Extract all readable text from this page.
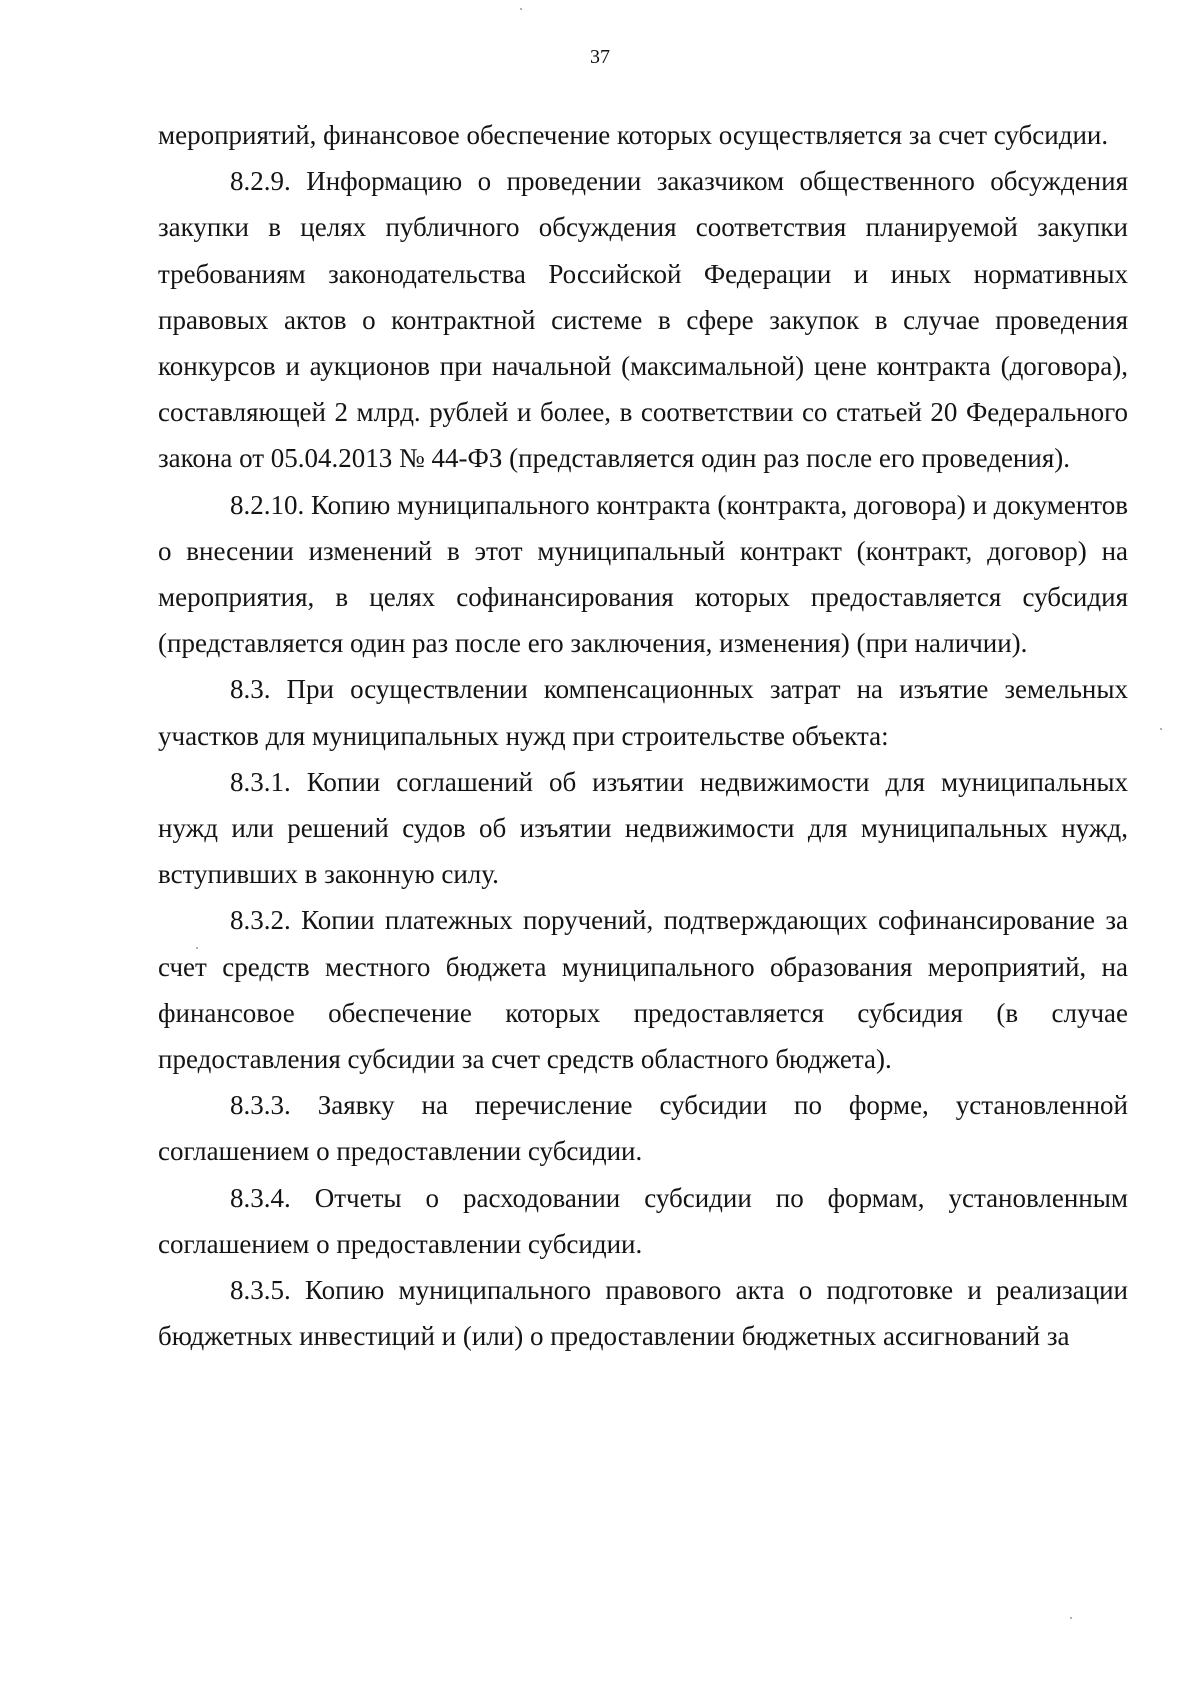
37

мероприятий, финансовое обеспечение которых осуществляется за счет субсидии.

8.2.9. Информацию о проведении заказчиком общественного обсуждения закупки в целях публичного обсуждения соответствия планируемой закупки требованиям законодательства Российской Федерации и иных нормативных правовых актов о контрактной системе в сфере закупок в случае проведения конкурсов и аукционов при начальной (максимальной) цене контракта (договора), составляющей 2 млрд. рублей и более, в соответствии со статьей 20 Федерального закона от 05.04.2013 № 44-ФЗ (представляется один раз после его проведения).

8.2.10. Копию муниципального контракта (контракта, договора) и документов о внесении изменений в этот муниципальный контракт (контракт, договор) на мероприятия, в целях софинансирования которых предоставляется субсидия (представляется один раз после его заключения, изменения) (при наличии).

8.3. При осуществлении компенсационных затрат на изъятие земельных участков для муниципальных нужд при строительстве объекта:

8.3.1. Копии соглашений об изъятии недвижимости для муниципальных нужд или решений судов об изъятии недвижимости для муниципальных нужд, вступивших в законную силу.

8.3.2. Копии платежных поручений, подтверждающих софинансирование за счет средств местного бюджета муниципального образования мероприятий, на финансовое обеспечение которых предоставляется субсидия (в случае предоставления субсидии за счет средств областного бюджета).

8.3.3. Заявку на перечисление субсидии по форме, установленной соглашением о предоставлении субсидии.

8.3.4. Отчеты о расходовании субсидии по формам, установленным соглашением о предоставлении субсидии.

8.3.5. Копию муниципального правового акта о подготовке и реализации бюджетных инвестиций и (или) о предоставлении бюджетных ассигнований за
